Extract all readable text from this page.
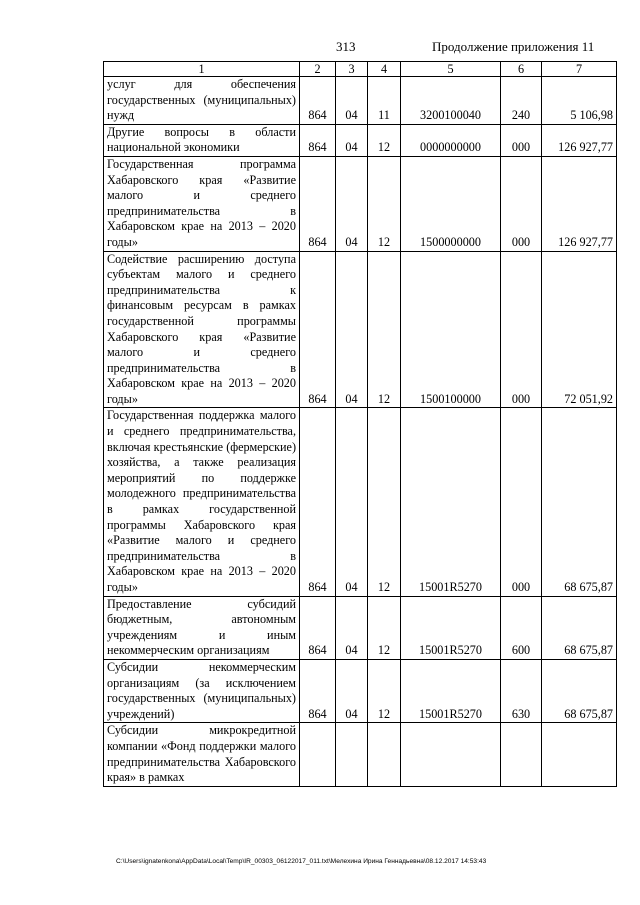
313	Продолжение приложения 11
1	2	3	4	5	6	7
услуг для обеспечения государственных (муниципальных) нужд	864	04	11	3200100040	240	5 106,98
Другие вопросы в области национальной экономики	864	04	12	0000000000	000	126 927,77
Государственная программа Хабаровского края «Развитие малого и среднего предпринимательства в Хабаровском крае на 2013 – 2020 годы»	864	04	12	1500000000	000	126 927,77
Содействие расширению доступа субъектам малого и среднего предпринимательства к финансовым ресурсам в рамках государственной программы Хабаровского края «Развитие малого и среднего предпринимательства в Хабаровском крае на 2013 – 2020 годы»	864	04	12	1500100000	000	72 051,92
Государственная поддержка малого и среднего предпринимательства, включая крестьянские (фермерские) хозяйства, а также реализация мероприятий по поддержке молодежного предпринимательства в рамках государственной программы Хабаровского края «Развитие малого и среднего предпринимательства в Хабаровском крае на 2013 – 2020 годы»	864	04	12	15001R5270	000	68 675,87
Предоставление субсидий бюджетным, автономным учреждениям и иным некоммерческим организациям	864	04	12	15001R5270	600	68 675,87
Субсидии некоммерческим организациям (за исключением государственных (муниципальных) учреждений)	864	04	12	15001R5270	630	68 675,87
Субсидии микрокредитной компании «Фонд поддержки малого предпринимательства Хабаровского края» в рамках						
C:\Users\ignatenkona\AppData\Local\Temp\IR_00303_06122017_011.txt\Мелехина Ирина Геннадьевна\08.12.2017 14:53:43
